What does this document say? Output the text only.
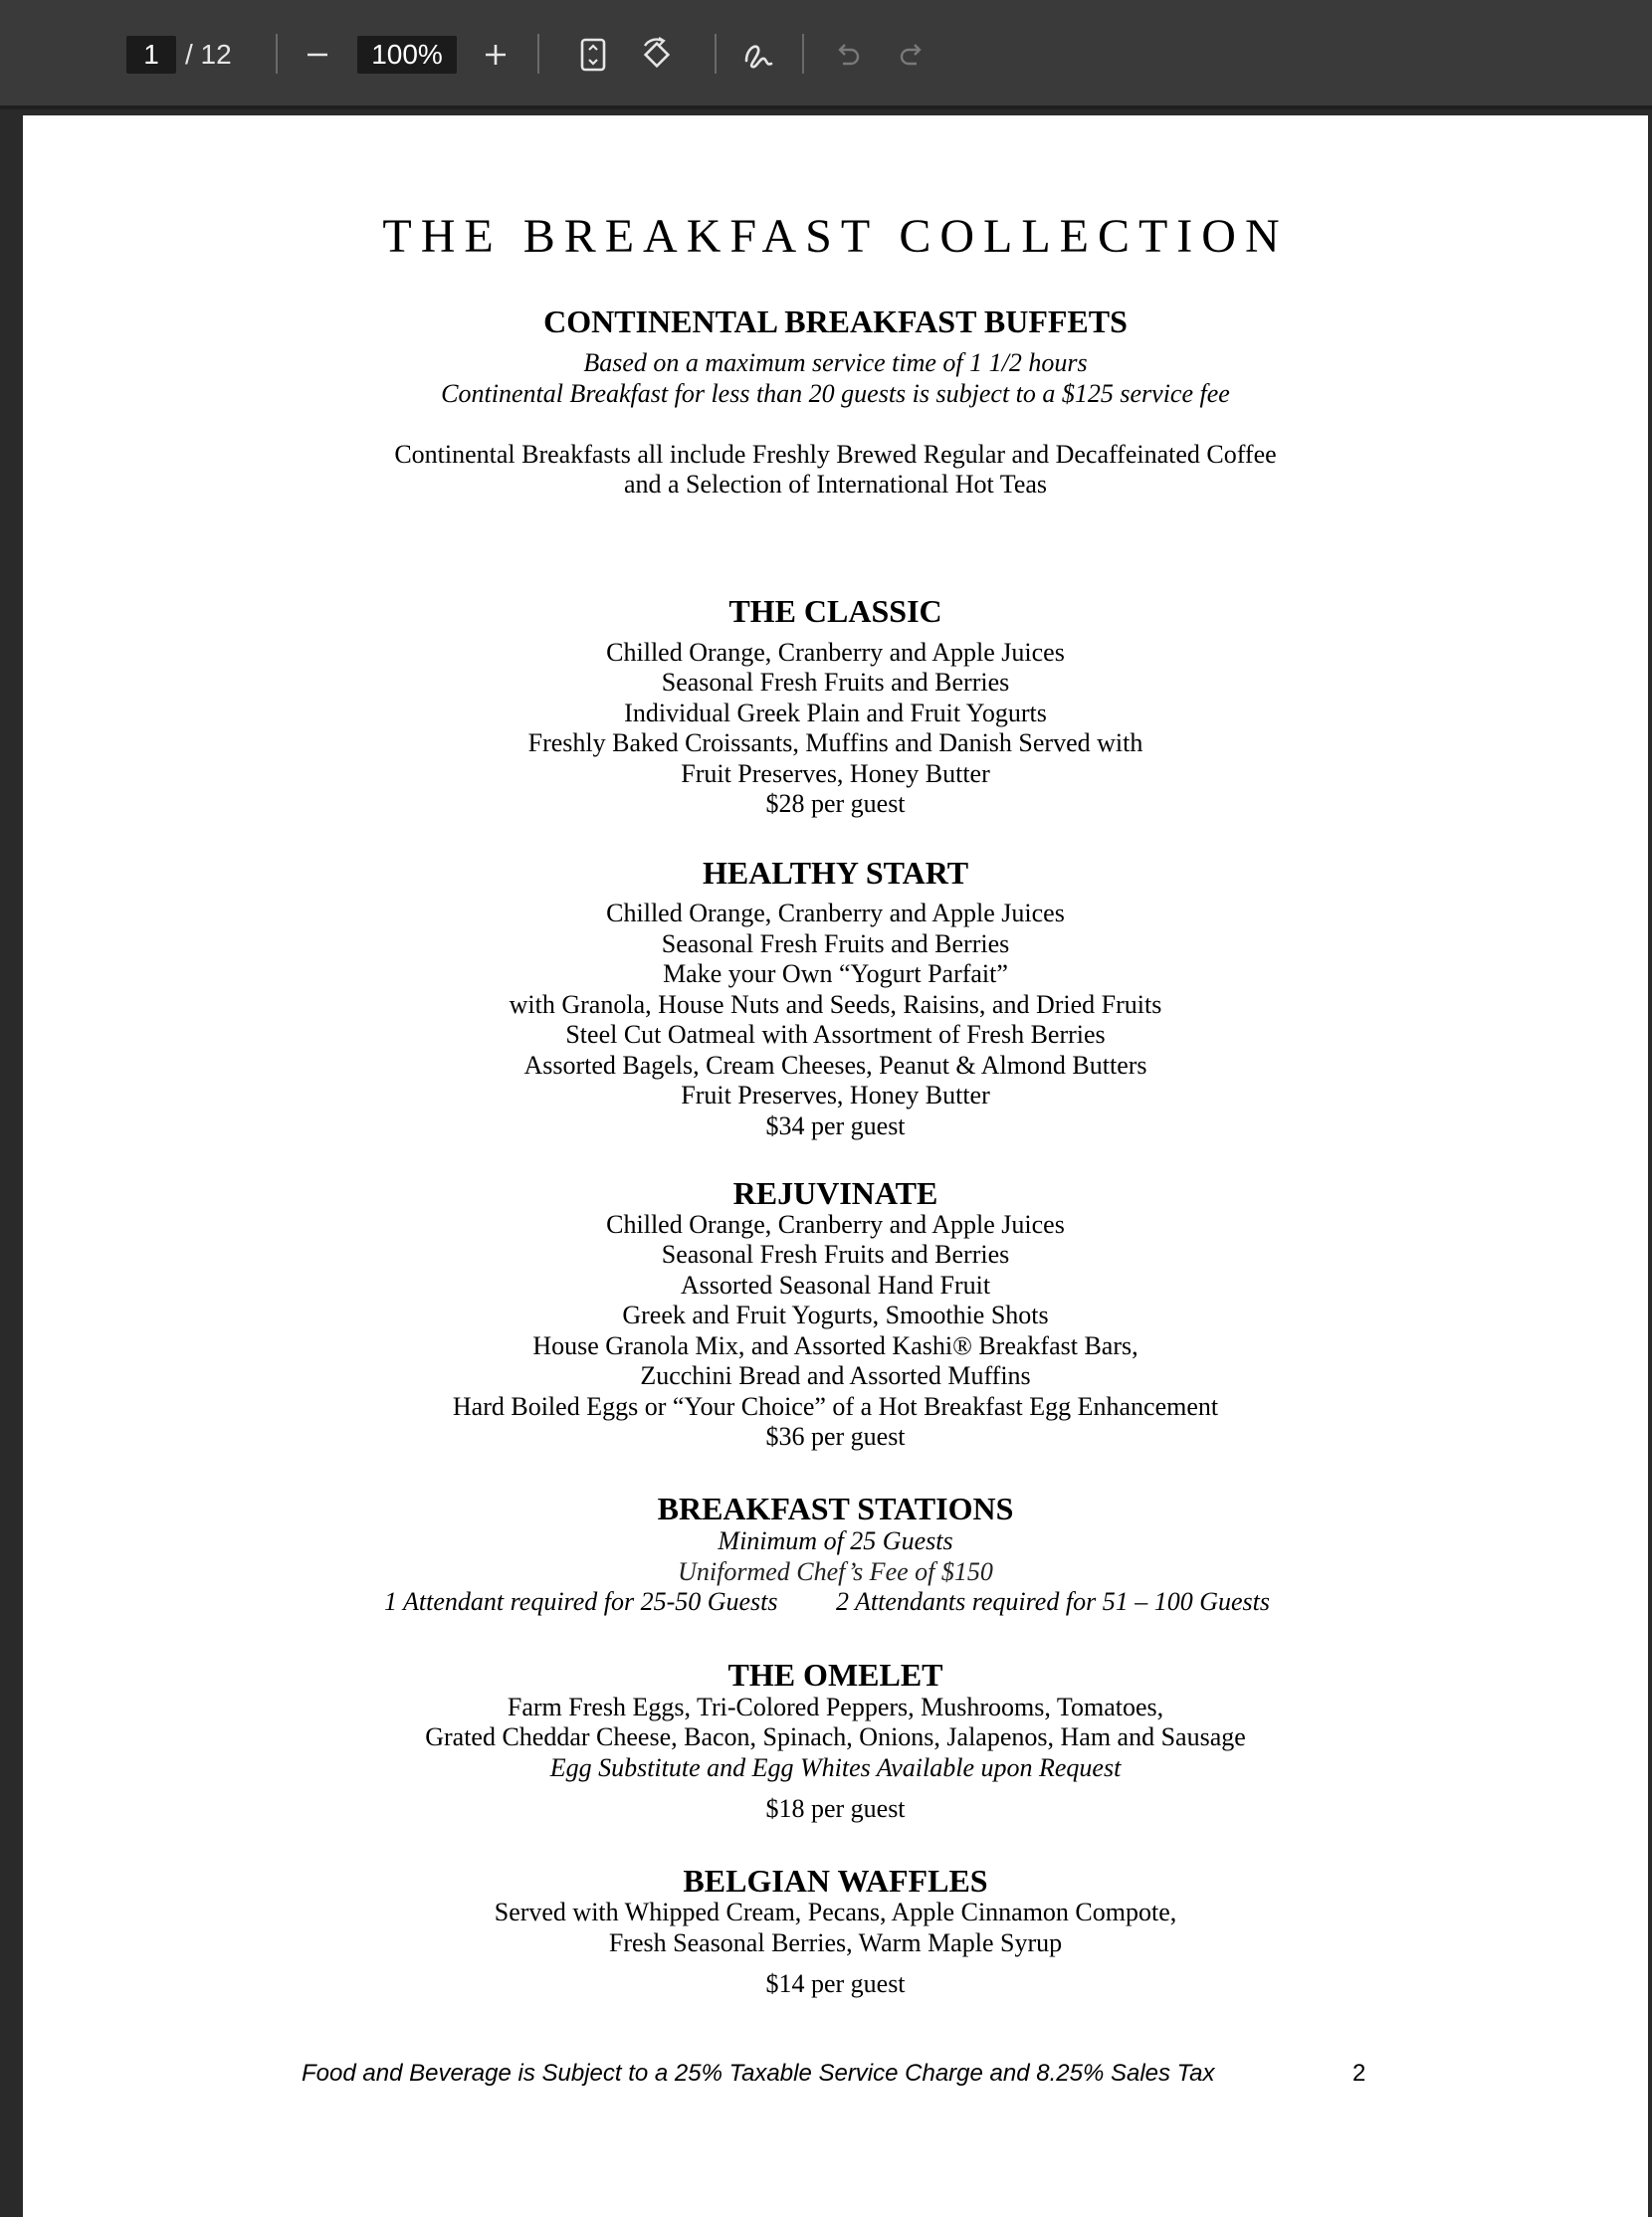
1 / 12	100%
THE BREAKFAST COLLECTION
CONTINENTAL BREAKFAST BUFFETS
Based on a maximum service time of 1 1/2 hours
Continental Breakfast for less than 20 guests is subject to a $125 service fee
Continental Breakfasts all include Freshly Brewed Regular and Decaffeinated Coffee
and a Selection of International Hot Teas
THE CLASSIC
Chilled Orange, Cranberry and Apple Juices
Seasonal Fresh Fruits and Berries
Individual Greek Plain and Fruit Yogurts
Freshly Baked Croissants, Muffins and Danish Served with
Fruit Preserves, Honey Butter
$28 per guest
HEALTHY START
Chilled Orange, Cranberry and Apple Juices
Seasonal Fresh Fruits and Berries
Make your Own “Yogurt Parfait”
with Granola, House Nuts and Seeds, Raisins, and Dried Fruits
Steel Cut Oatmeal with Assortment of Fresh Berries
Assorted Bagels, Cream Cheeses, Peanut & Almond Butters
Fruit Preserves, Honey Butter
$34 per guest
REJUVINATE
Chilled Orange, Cranberry and Apple Juices
Seasonal Fresh Fruits and Berries
Assorted Seasonal Hand Fruit
Greek and Fruit Yogurts, Smoothie Shots
House Granola Mix, and Assorted Kashi® Breakfast Bars,
Zucchini Bread and Assorted Muffins
Hard Boiled Eggs or “Your Choice” of a Hot Breakfast Egg Enhancement
$36 per guest
BREAKFAST STATIONS
Minimum of 25 Guests
Uniformed Chef’s Fee of $150
1 Attendant required for 25-50 Guests 2 Attendants required for 51 – 100 Guests
THE OMELET
Farm Fresh Eggs, Tri-Colored Peppers, Mushrooms, Tomatoes,
Grated Cheddar Cheese, Bacon, Spinach, Onions, Jalapenos, Ham and Sausage
Egg Substitute and Egg Whites Available upon Request
$18 per guest
BELGIAN WAFFLES
Served with Whipped Cream, Pecans, Apple Cinnamon Compote,
Fresh Seasonal Berries, Warm Maple Syrup
$14 per guest
Food and Beverage is Subject to a 25% Taxable Service Charge and 8.25% Sales Tax	2
